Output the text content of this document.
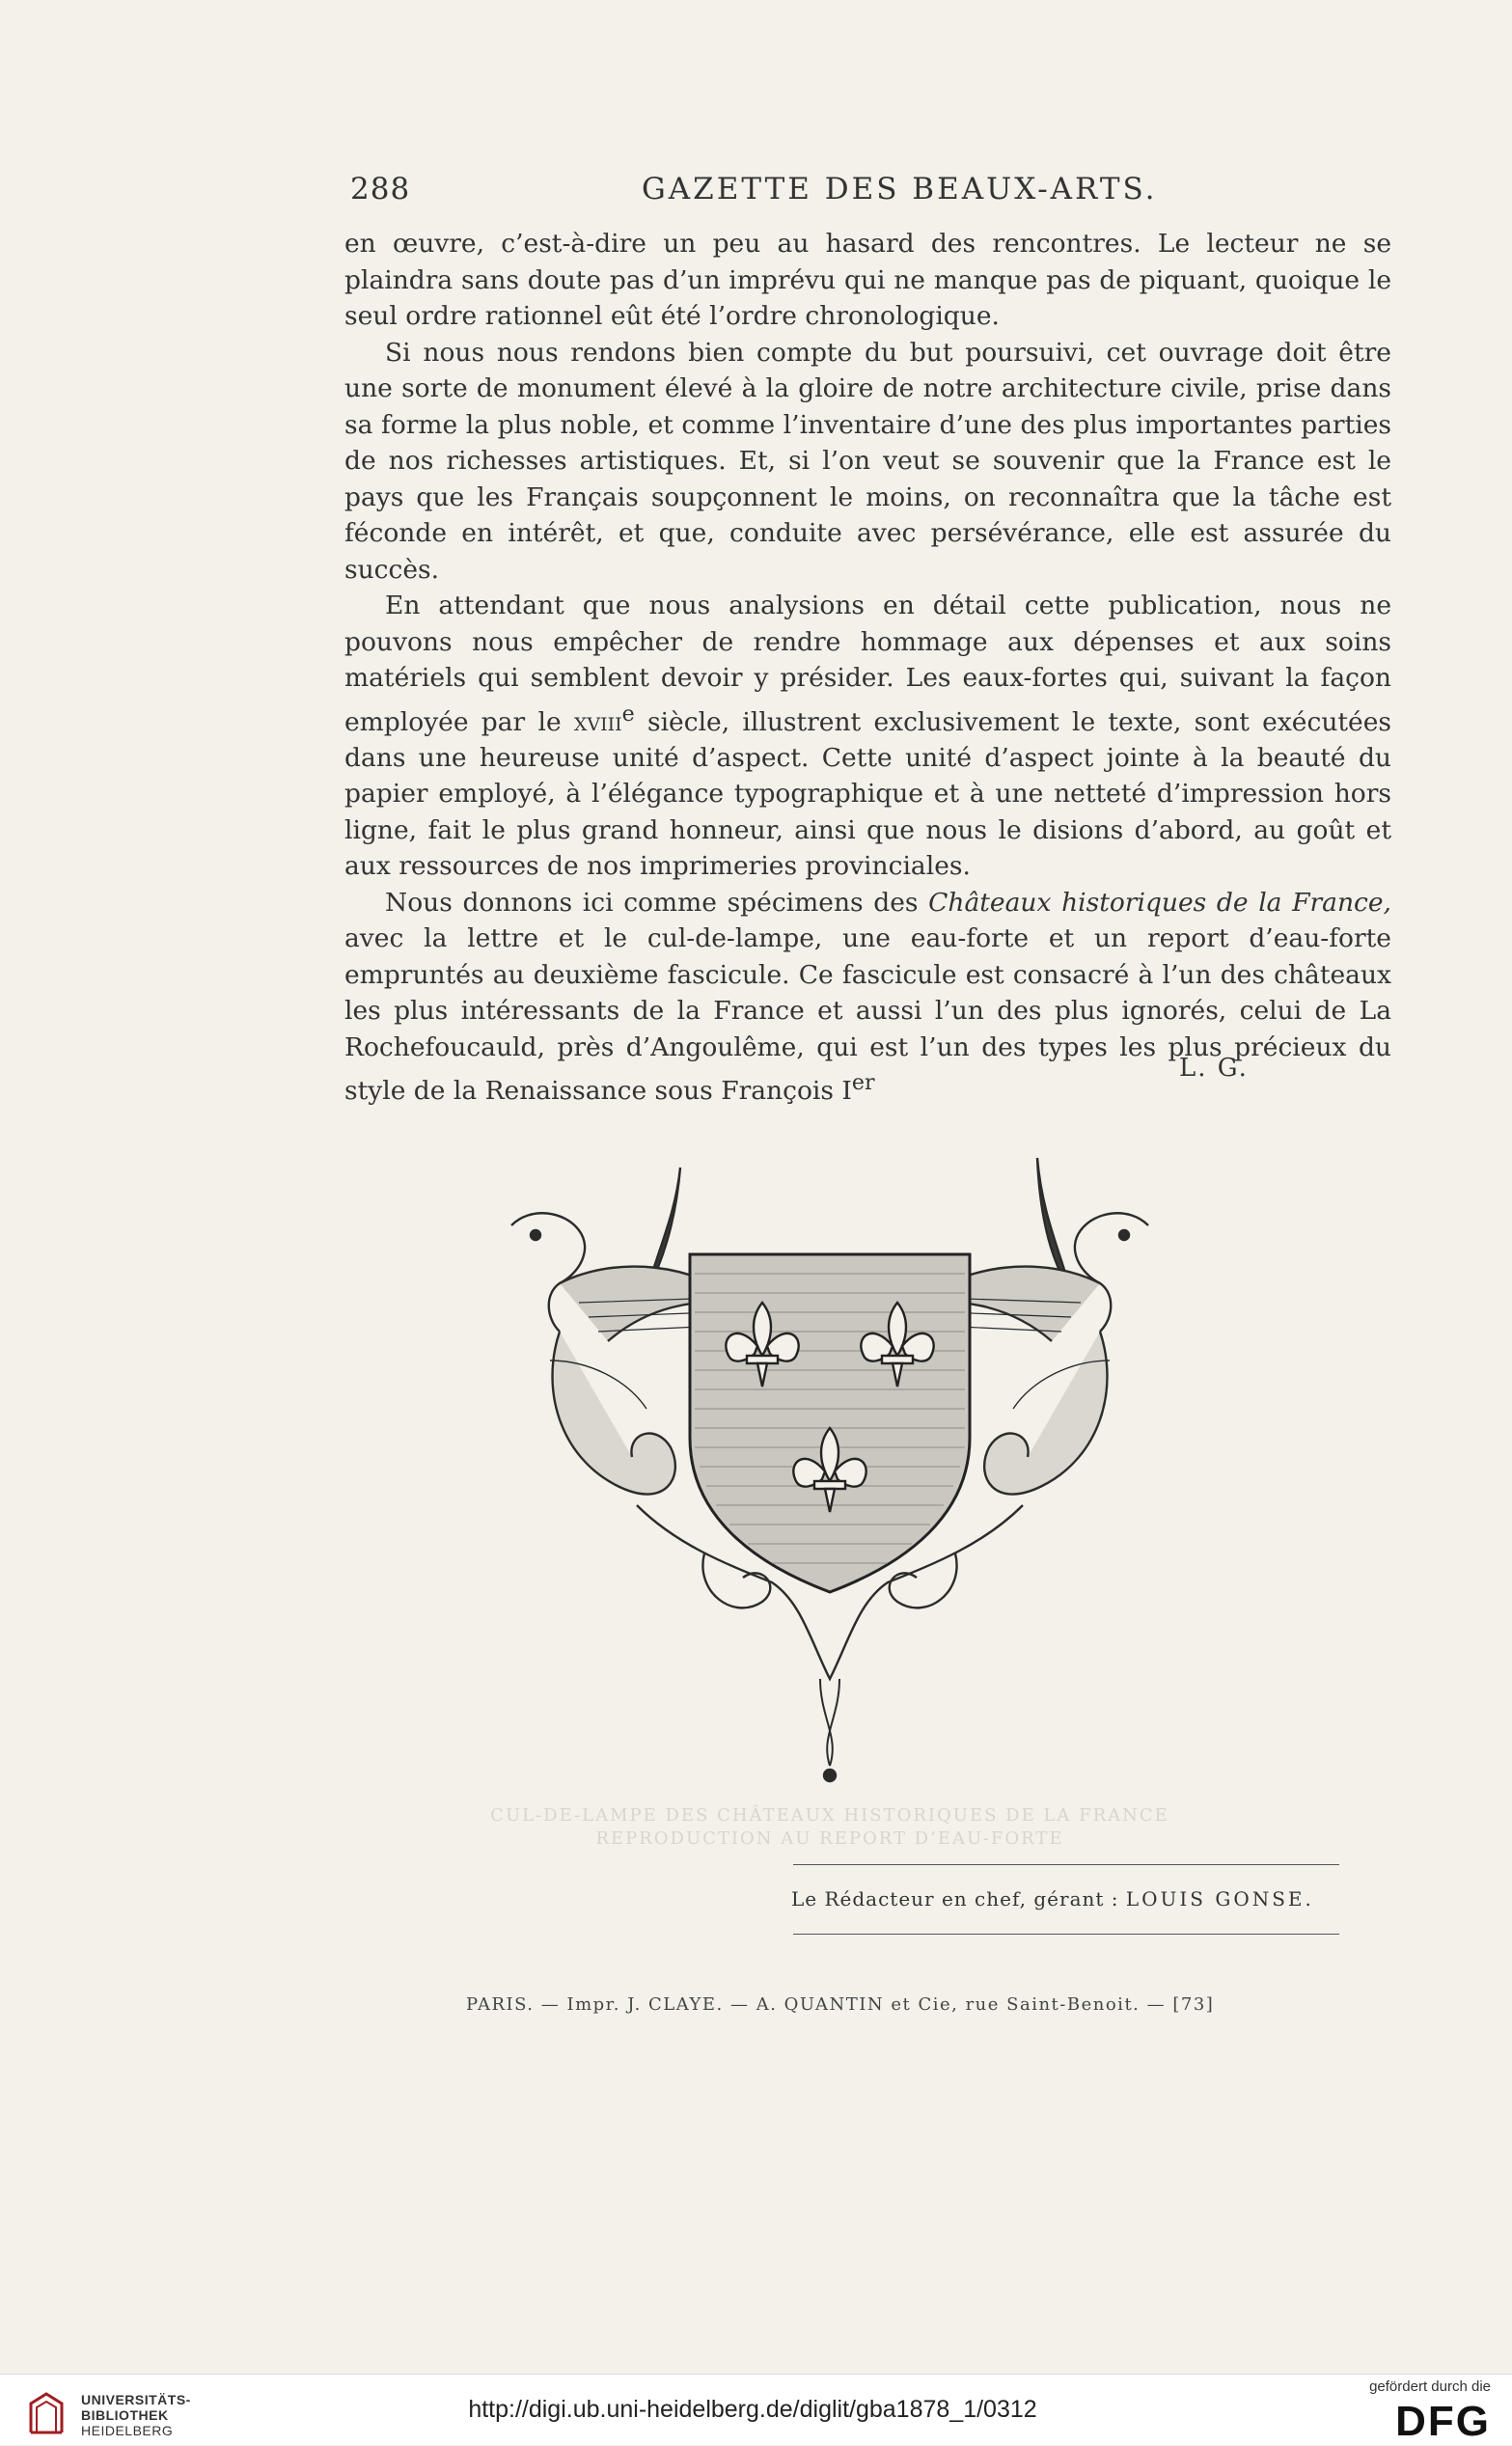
288	GAZETTE DES BEAUX-ARTS.

en œuvre, c’est-à-dire un peu au hasard des rencontres. Le lecteur ne se plaindra sans doute pas d’un imprévu qui ne manque pas de piquant, quoique le seul ordre rationnel eût été l’ordre chronologique.

Si nous nous rendons bien compte du but poursuivi, cet ouvrage doit être une sorte de monument élevé à la gloire de notre architecture civile, prise dans sa forme la plus noble, et comme l’inventaire d’une des plus importantes parties de nos richesses artistiques. Et, si l’on veut se souvenir que la France est le pays que les Français soupçonnent le moins, on reconnaîtra que la tâche est féconde en intérêt, et que, conduite avec persévérance, elle est assurée du succès.

En attendant que nous analysions en détail cette publication, nous ne pouvons nous empêcher de rendre hommage aux dépenses et aux soins matériels qui semblent devoir y présider. Les eaux-fortes qui, suivant la façon employée par le xviii$^e$ siècle, illustrent exclusivement le texte, sont exécutées dans une heureuse unité d’aspect. Cette unité d’aspect jointe à la beauté du papier employé, à l’élégance typographique et à une netteté d’impression hors ligne, fait le plus grand honneur, ainsi que nous le disions d’abord, au goût et aux ressources de nos imprimeries provinciales.

Nous donnons ici comme spécimens des Châteaux historiques de la France, avec la lettre et le cul-de-lampe, une eau-forte et un report d’eau-forte empruntés au deuxième fascicule. Ce fascicule est consacré à l’un des châteaux les plus intéressants de la France et aussi l’un des plus ignorés, celui de La Rochefoucauld, près d’Angoulême, qui est l’un des types les plus précieux du style de la Renaissance sous François Ier

L. G.
CUL-DE-LAMPE DES CHÂTEAUX HISTORIQUES DE LA FRANCE
REPRODUCTION AU REPORT D’EAU-FORTE
Le Rédacteur en chef, gérant : LOUIS GONSE.
PARIS. — Impr. J. CLAYE. — A. QUANTIN et Cie, rue Saint-Benoit. — [73]
UNIVERSITÄTS-
BIBLIOTHEK
HEIDELBERG
http://digi.ub.uni-heidelberg.de/diglit/gba1878_1/0312
gefördert durch die
DFG
